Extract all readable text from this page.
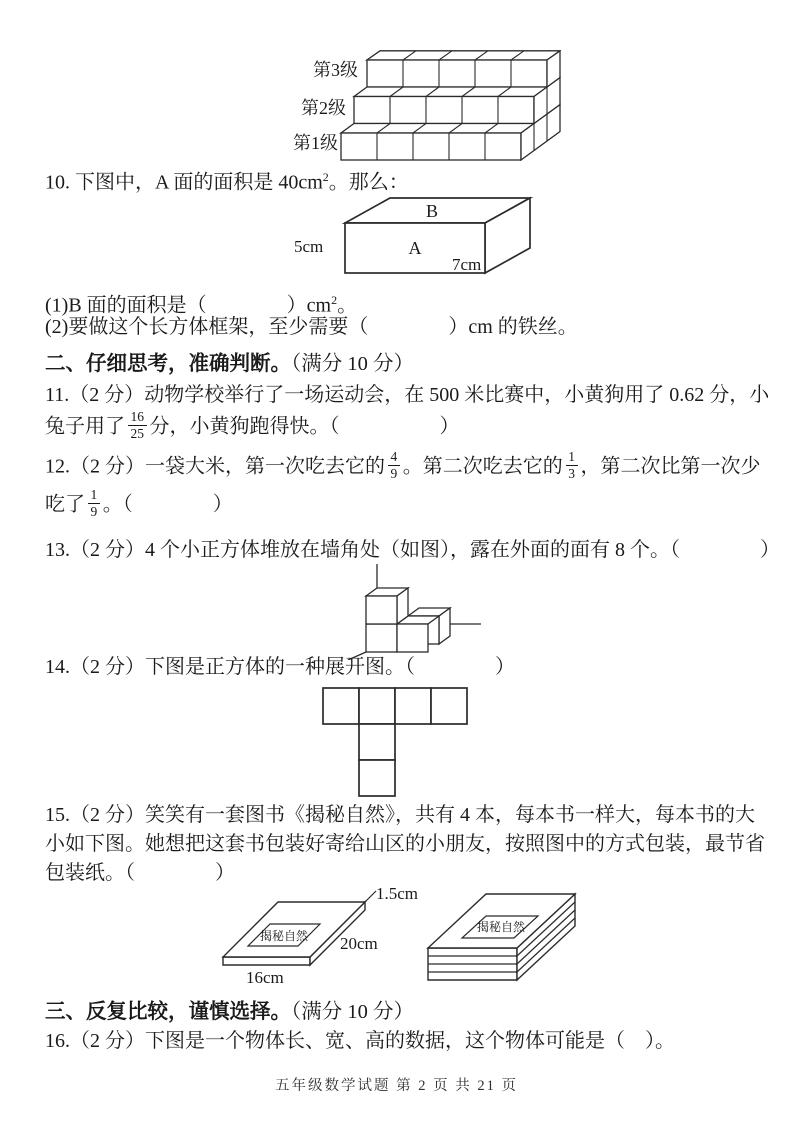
第3级
第2级
第1级
10. 下图中，A 面的面积是 $40cm^2$。那么：
B
A
5cm
7cm
(1)B 面的面积是（　　　　）$cm^2$。
(2)要做这个长方体框架，至少需要（　　　　）cm 的铁丝。
二、仔细思考，准确判断。（满分 10 分）
11.（2 分）动物学校举行了一场运动会，在 500 米比赛中，小黄狗用了 0.62 分，小
兔子用了 $\frac{16}{25}$ 分，小黄狗跑得快。（　　　　　）
12.（2 分）一袋大米，第一次吃去它的 $\frac{4}{9}$ 。第二次吃去它的 $\frac{1}{3}$ ，第二次比第一次少
吃了 $\frac{1}{9}$ 。（　　　　）
13.（2 分）4 个小正方体堆放在墙角处（如图），露在外面的面有 8 个。（　　　　）
14.（2 分）下图是正方体的一种展开图。（　　　　）
15.（2 分）笑笑有一套图书《揭秘自然》，共有 4 本，每本书一样大，每本书的大
小如下图。她想把这套书包装好寄给山区的小朋友，按照图中的方式包装，最节省
包装纸。（　　　　）
揭秘自然
1.5cm
20cm
16cm
揭秘自然
三、反复比较，谨慎选择。（满分 10 分）
16.（2 分）下图是一个物体长、宽、高的数据，这个物体可能是（　）。
五年级数学试题 第 2 页 共 21 页
